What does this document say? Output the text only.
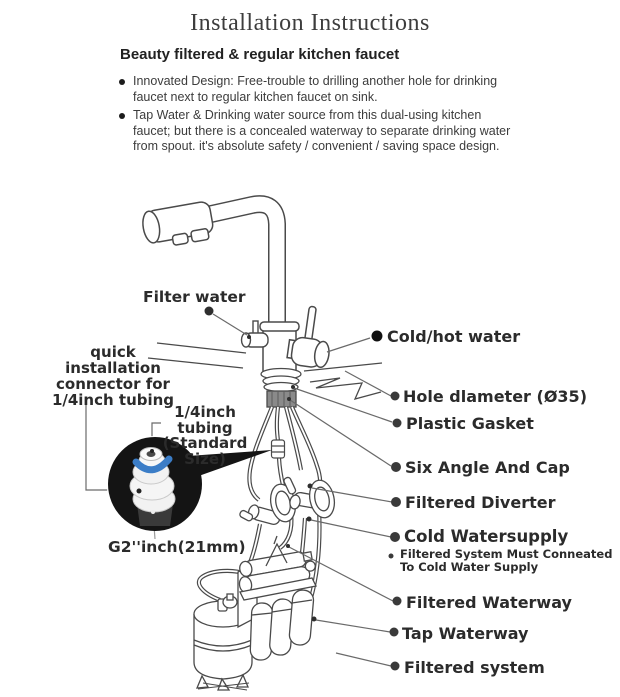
Installation Instructions
Beauty filtered & regular kitchen faucet
Innovated Design: Free-trouble to drilling another hole for drinking faucet next to regular kitchen faucet on sink.
Tap Water & Drinking water source from this dual-using kitchen faucet; but there is a concealed waterway to separate drinking water from spout. it's absolute safety / convenient / saving space design.
Filter water
quick installation
connector for
1/4inch tubing
1/4inch tubing
(Standard Size)
G2''inch(21mm)
Cold/hot water
Hole dlameter (Ø35)
Plastic Gasket
Six Angle And Cap
Filtered Diverter
Cold Watersupply
Filtered System Must Conneated
To Cold Water Supply
Filtered Waterway
Tap Waterway
Filtered system
